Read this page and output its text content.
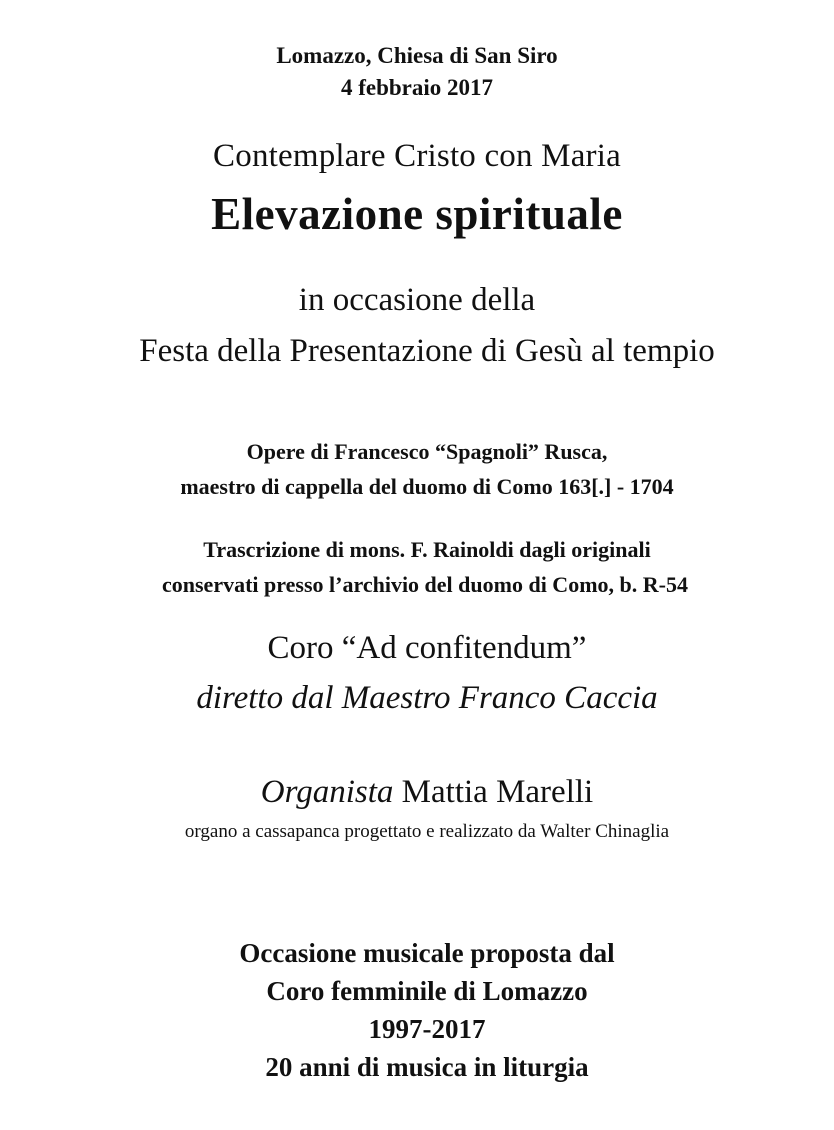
Lomazzo, Chiesa di San Siro
4 febbraio 2017
Contemplare Cristo con Maria
Elevazione spirituale
in occasione della
Festa della Presentazione di Gesù al tempio
Opere di Francesco “Spagnoli” Rusca,
maestro di cappella del duomo di Como 163[.] - 1704
Trascrizione di mons. F. Rainoldi dagli originali
conservati presso l’archivio del duomo di Como, b. R-54
Coro “Ad confitendum”
diretto dal Maestro Franco Caccia
Organista Mattia Marelli
organo a cassapanca progettato e realizzato da Walter Chinaglia
Occasione musicale proposta dal
Coro femminile di Lomazzo
1997-2017
20 anni di musica in liturgia
